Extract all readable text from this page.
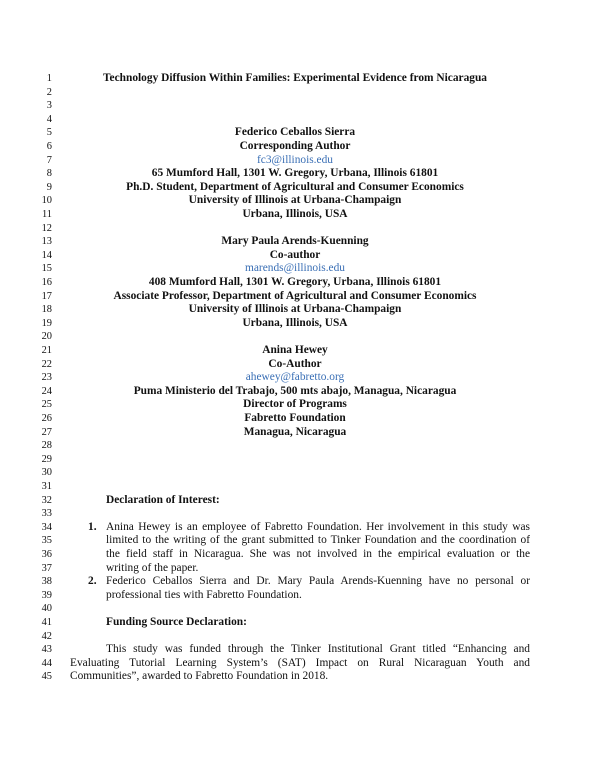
1
2
3
4
5
6
7
8
9
10
11
12
13
14
15
16
17
18
19
20
21
22
23
24
25
26
27
28
29
30
31
32
33
34
35
36
37
38
39
40
41
42
43
44
45
Technology Diffusion Within Families: Experimental Evidence from Nicaragua
Federico Ceballos Sierra
Corresponding Author
fc3@illinois.edu
65 Mumford Hall, 1301 W. Gregory, Urbana, Illinois 61801
Ph.D. Student, Department of Agricultural and Consumer Economics
University of Illinois at Urbana-Champaign
Urbana, Illinois, USA
Mary Paula Arends-Kuenning
Co-author
marends@illinois.edu
408 Mumford Hall, 1301 W. Gregory, Urbana, Illinois 61801
Associate Professor, Department of Agricultural and Consumer Economics
University of Illinois at Urbana-Champaign
Urbana, Illinois, USA
Anina Hewey
Co-Author
ahewey@fabretto.org
Puma Ministerio del Trabajo, 500 mts abajo, Managua, Nicaragua
Director of Programs
Fabretto Foundation
Managua, Nicaragua
Declaration of Interest:
1. Anina Hewey is an employee of Fabretto Foundation. Her involvement in this study was
limited to the writing of the grant submitted to Tinker Foundation and the coordination of
the field staff in Nicaragua. She was not involved in the empirical evaluation or the
writing of the paper.
2. Federico Ceballos Sierra and Dr. Mary Paula Arends-Kuenning have no personal or
professional ties with Fabretto Foundation.
Funding Source Declaration:
This study was funded through the Tinker Institutional Grant titled “Enhancing and
Evaluating Tutorial Learning System’s (SAT) Impact on Rural Nicaraguan Youth and
Communities”, awarded to Fabretto Foundation in 2018.
